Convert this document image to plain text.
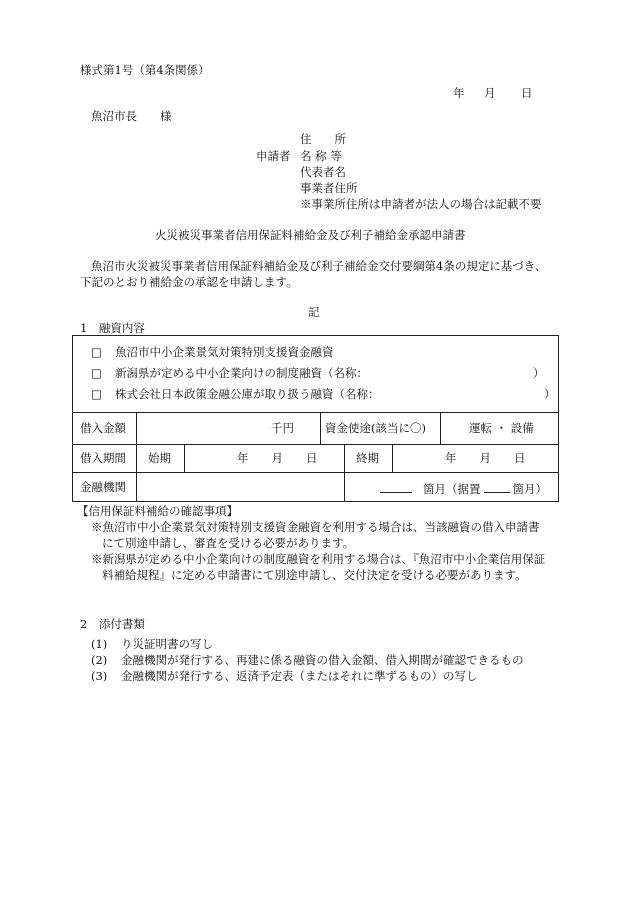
様式第1号（第4条関係）
年 月 日
魚沼市長　　様
住　　所
申請者 名 称 等
代表者名
事業者住所
※事業所住所は申請者が法人の場合は記載不要
火災被災事業者信用保証料補給金及び利子補給金承認申請書
魚沼市火災被災事業者信用保証料補給金及び利子補給金交付要綱第4条の規定に基づき、
下記のとおり補給金の承認を申請します。
記
1　融資内容
□ 魚沼市中小企業景気対策特別支援資金融資
□ 新潟県が定める中小企業向けの制度融資（名称：	）
□ 株式会社日本政策金融公庫が取り扱う融資（名称：	）
借入金額	千円	資金使途(該当に〇)	運転 ・ 設備
借入期間 始期	年　　月　　日	終期	年　　月　　日
金融機関	箇月（据置	箇月）
【信用保証料補給の確認事項】
※魚沼市中小企業景気対策特別支援資金融資を利用する場合は、当該融資の借入申請書
にて別途申請し、審査を受ける必要があります。
※新潟県が定める中小企業向けの制度融資を利用する場合は、『魚沼市中小企業信用保証
料補給規程』に定める申請書にて別途申請し、交付決定を受ける必要があります。
2　添付書類
(1) り災証明書の写し
(2) 金融機関が発行する、再建に係る融資の借入金額、借入期間が確認できるもの
(3) 金融機関が発行する、返済予定表（またはそれに準ずるもの）の写し
